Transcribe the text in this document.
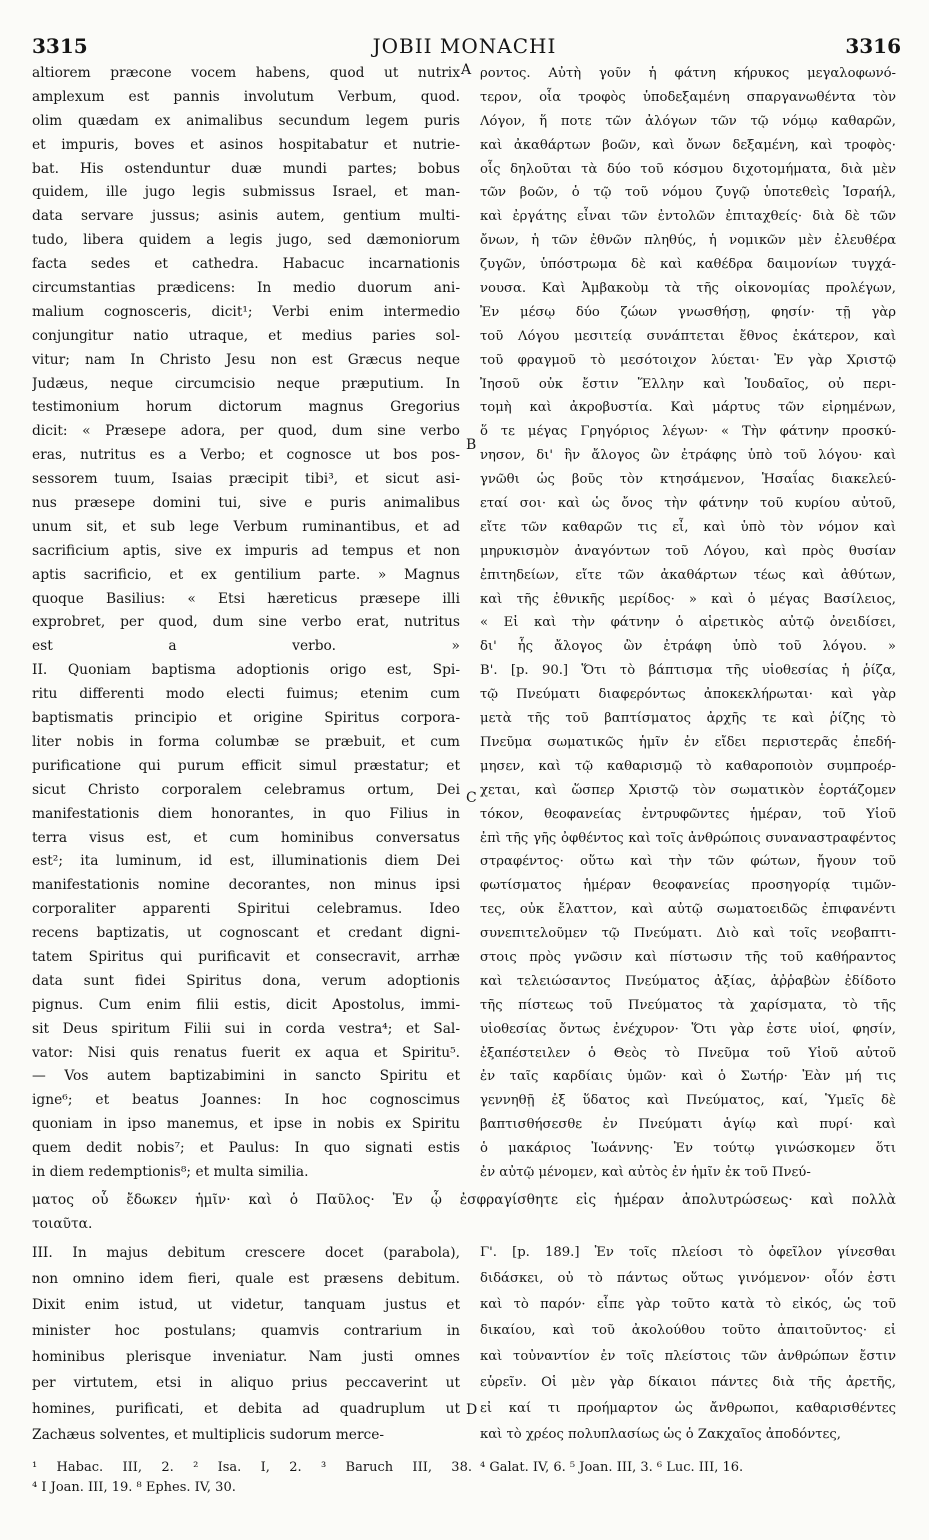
3315	JOBII MONACHI	3316
A
B
C
D
altiorem præcone vocem habens, quod ut nutrix
amplexum est pannis involutum Verbum, quod.
olim quædam ex animalibus secundum legem puris
et impuris, boves et asinos hospitabatur et nutrie-
bat. His ostenduntur duæ mundi partes; bobus
quidem, ille jugo legis submissus Israel, et man-
data servare jussus; asinis autem, gentium multi-
tudo, libera quidem a legis jugo, sed dæmoniorum
facta sedes et cathedra. Habacuc incarnationis
circumstantias prædicens: In medio duorum ani-
malium cognosceris, dicit¹; Verbi enim intermedio
conjungitur natio utraque, et medius paries sol-
vitur; nam In Christo Jesu non est Græcus neque
Judæus, neque circumcisio neque præputium. In
testimonium horum dictorum magnus Gregorius
dicit: « Præsepe adora, per quod, dum sine verbo
eras, nutritus es a Verbo; et cognosce ut bos pos-
sessorem tuum, Isaias præcipit tibi³, et sicut asi-
nus præsepe domini tui, sive e puris animalibus
unum sit, et sub lege Verbum ruminantibus, et ad
sacrificium aptis, sive ex impuris ad tempus et non
aptis sacrificio, et ex gentilium parte. » Magnus
quoque Basilius: « Etsi hæreticus præsepe illi
exprobret, per quod, dum sine verbo erat, nutritus
est a verbo. »
II. Quoniam baptisma adoptionis origo est, Spi-
ritu differenti modo electi fuimus; etenim cum
baptismatis principio et origine Spiritus corpora-
liter nobis in forma columbæ se præbuit, et cum
purificatione qui purum efficit simul præstatur; et
sicut Christo corporalem celebramus ortum, Dei
manifestationis diem honorantes, in quo Filius in
terra visus est, et cum hominibus conversatus
est²; ita luminum, id est, illuminationis diem Dei
manifestationis nomine decorantes, non minus ipsi
corporaliter apparenti Spiritui celebramus. Ideo
recens baptizatis, ut cognoscant et credant digni-
tatem Spiritus qui purificavit et consecravit, arrhæ
data sunt fidei Spiritus dona, verum adoptionis
pignus. Cum enim filii estis, dicit Apostolus, immi-
sit Deus spiritum Filii sui in corda vestra⁴; et Sal-
vator: Nisi quis renatus fuerit ex aqua et Spiritu⁵.
— Vos autem baptizabimini in sancto Spiritu et
igne⁶; et beatus Joannes: In hoc cognoscimus
quoniam in ipso manemus, et ipse in nobis ex Spiritu
quem dedit nobis⁷; et Paulus: In quo signati estis
in diem redemptionis⁸; et multa similia.
ροντος. Αὐτὴ γοῦν ἡ φάτνη κήρυκος μεγαλοφωνό-
τερον, οἷα τροφὸς ὑποδεξαμένη σπαργανωθέντα τὸν
Λόγον, ἥ ποτε τῶν ἀλόγων τῶν τῷ νόμῳ καθαρῶν,
καὶ ἀκαθάρτων βοῶν, καὶ ὄνων δεξαμένη, καὶ τροφὸς·
οἷς δηλοῦται τὰ δύο τοῦ κόσμου διχοτομήματα, διὰ μὲν
τῶν βοῶν, ὁ τῷ τοῦ νόμου ζυγῷ ὑποτεθεὶς Ἰσραήλ,
καὶ ἐργάτης εἶναι τῶν ἐντολῶν ἐπιταχθείς· διὰ δὲ τῶν
ὄνων, ἡ τῶν ἐθνῶν πληθύς, ἡ νομικῶν μὲν ἐλευθέρα
ζυγῶν, ὑπόστρωμα δὲ καὶ καθέδρα δαιμονίων τυγχά-
νουσα. Καὶ Ἀμβακοὺμ τὰ τῆς οἰκονομίας προλέγων,
Ἐν μέσῳ δύο ζώων γνωσθήσῃ, φησίν· τῇ γὰρ
τοῦ Λόγου μεσιτείᾳ συνάπτεται ἔθνος ἑκάτερον, καὶ
τοῦ φραγμοῦ τὸ μεσότοιχον λύεται· Ἐν γὰρ Χριστῷ
Ἰησοῦ οὐκ ἔστιν Ἕλλην καὶ Ἰουδαῖος, οὐ περι-
τομὴ καὶ ἀκροβυστία. Καὶ μάρτυς τῶν εἰρημένων,
ὅ τε μέγας Γρηγόριος λέγων· « Τὴν φάτνην προσκύ-
νησον, δι' ἣν ἄλογος ὢν ἐτράφης ὑπὸ τοῦ λόγου· καὶ
γνῶθι ὡς βοῦς τὸν κτησάμενον, Ἡσαΐας διακελεύ-
εταί σοι· καὶ ὡς ὄνος τὴν φάτνην τοῦ κυρίου αὐτοῦ,
εἴτε τῶν καθαρῶν τις εἶ, καὶ ὑπὸ τὸν νόμον καὶ
μηρυκισμὸν ἀναγόντων τοῦ Λόγου, καὶ πρὸς θυσίαν
ἐπιτηδείων, εἴτε τῶν ἀκαθάρτων τέως καὶ ἀθύτων,
καὶ τῆς ἐθνικῆς μερίδος· » καὶ ὁ μέγας Βασίλειος,
« Εἰ καὶ τὴν φάτνην ὁ αἱρετικὸς αὐτῷ ὀνειδίσει,
δι' ἧς ἄλογος ὢν ἐτράφη ὑπὸ τοῦ λόγου. »
Β'. [p. 90.] Ὅτι τὸ βάπτισμα τῆς υἱοθεσίας ἡ ῥίζα,
τῷ Πνεύματι διαφερόντως ἀποκεκλήρωται· καὶ γὰρ
μετὰ τῆς τοῦ βαπτίσματος ἀρχῆς τε καὶ ῥίζης τὸ
Πνεῦμα σωματικῶς ἡμῖν ἐν εἴδει περιστερᾶς ἐπεδή-
μησεν, καὶ τῷ καθαρισμῷ τὸ καθαροποιὸν συμπροέρ-
χεται, καὶ ὥσπερ Χριστῷ τὸν σωματικὸν ἑορτάζομεν
τόκον, θεοφανείας ἐντρυφῶντες ἡμέραν, τοῦ Υἱοῦ
ἐπὶ τῆς γῆς ὀφθέντος καὶ τοῖς ἀνθρώποις συναναστραφέντος
στραφέντος· οὕτω καὶ τὴν τῶν φώτων, ἤγουν τοῦ
φωτίσματος ἡμέραν θεοφανείας προσηγορίᾳ τιμῶν-
τες, οὐκ ἔλαττον, καὶ αὐτῷ σωματοειδῶς ἐπιφανέντι
συνεπιτελοῦμεν τῷ Πνεύματι. Διὸ καὶ τοῖς νεοβαπτι-
στοις πρὸς γνῶσιν καὶ πίστωσιν τῆς τοῦ καθήραντος
καὶ τελειώσαντος Πνεύματος ἀξίας, ἀῤῥαβὼν ἐδίδοτο
τῆς πίστεως τοῦ Πνεύματος τὰ χαρίσματα, τὸ τῆς
υἱοθεσίας ὄντως ἐνέχυρον· Ὅτι γὰρ ἐστε υἱοί, φησίν,
ἐξαπέστειλεν ὁ Θεὸς τὸ Πνεῦμα τοῦ Υἱοῦ αὐτοῦ
ἐν ταῖς καρδίαις ὑμῶν· καὶ ὁ Σωτήρ· Ἐὰν μή τις
γεννηθῇ ἐξ ὕδατος καὶ Πνεύματος, καί, Ὑμεῖς δὲ
βαπτισθήσεσθε ἐν Πνεύματι ἁγίῳ καὶ πυρί· καὶ
ὁ μακάριος Ἰωάννης· Ἐν τούτῳ γινώσκομεν ὅτι
ἐν αὐτῷ μένομεν, καὶ αὐτὸς ἐν ἡμῖν ἐκ τοῦ Πνεύ-
ματος οὗ ἔδωκεν ἡμῖν· καὶ ὁ Παῦλος· Ἐν ᾧ ἐσφραγίσθητε εἰς ἡμέραν ἀπολυτρώσεως· καὶ πολλὰ
τοιαῦτα.
¹ Habac. III, 2. ² Isa. I, 2. ³ Baruch III, 38.
⁴ I Joan. III, 19. ⁸ Ephes. IV, 30.
⁴ Galat. IV, 6. ⁵ Joan. III, 3. ⁶ Luc. III, 16.
III. In majus debitum crescere docet (parabola),
non omnino idem fieri, quale est præsens debitum.
Dixit enim istud, ut videtur, tanquam justus et
minister hoc postulans; quamvis contrarium in
hominibus plerisque inveniatur. Nam justi omnes
per virtutem, etsi in aliquo prius peccaverint ut
homines, purificati, et debita ad quadruplum ut
Zachæus solventes, et multiplicis sudorum merce-
Γ'. [p. 189.] Ἐν τοῖς πλείοσι τὸ ὀφεῖλον γίνεσθαι
διδάσκει, οὐ τὸ πάντως οὕτως γινόμενον· οἷόν ἐστι
καὶ τὸ παρόν· εἶπε γὰρ τοῦτο κατὰ τὸ εἰκός, ὡς τοῦ
δικαίου, καὶ τοῦ ἀκολούθου τοῦτο ἀπαιτοῦντος· εἰ
καὶ τοὐναντίον ἐν τοῖς πλείστοις τῶν ἀνθρώπων ἔστιν
εὑρεῖν. Οἱ μὲν γὰρ δίκαιοι πάντες διὰ τῆς ἀρετῆς,
εἰ καί τι προήμαρτον ὡς ἄνθρωποι, καθαρισθέντες
καὶ τὸ χρέος πολυπλασίως ὡς ὁ Ζακχαῖος ἀποδόντες,
